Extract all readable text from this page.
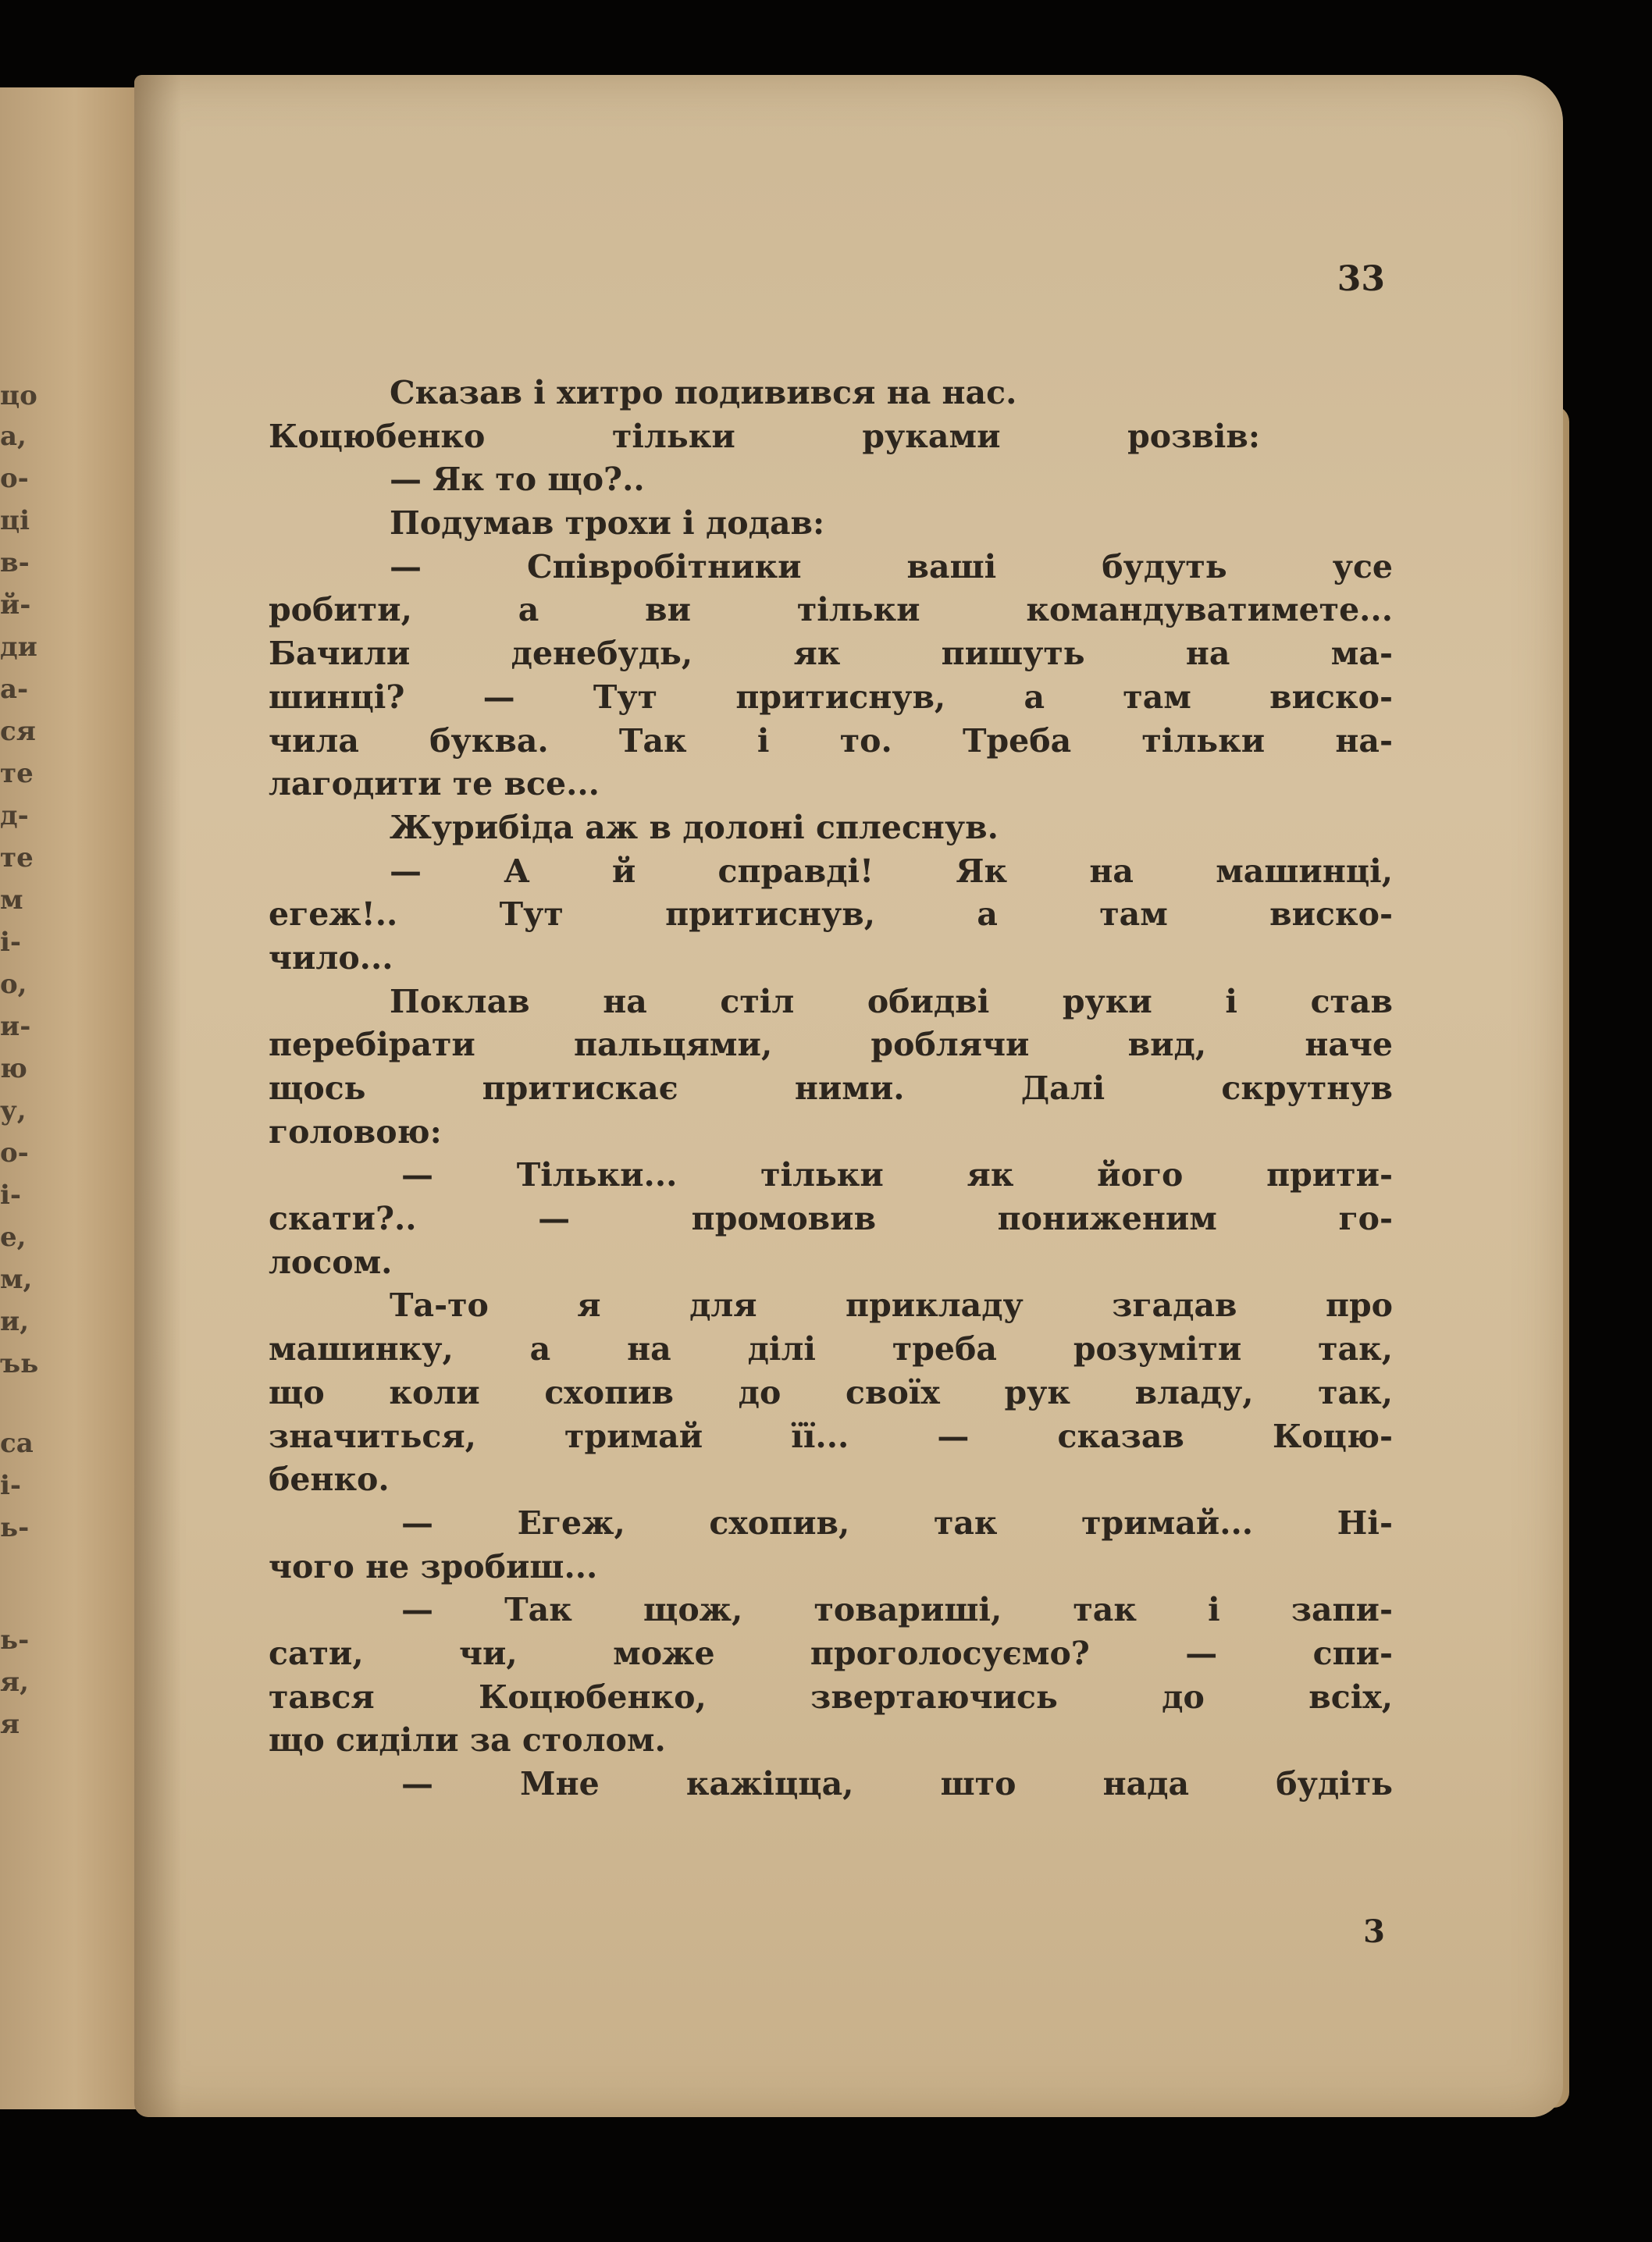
цо
а,
о-
ці
в-
й-
ди
а-
ся
те
д-
те
м
і-
о,
и-
ю
у,
о-
і-
е,
м,
и,
ъь
са
і-
ь-
ь-
я,
я
33
Сказав і хитро подивився на нас.
Коцюбенко тільки руками розвів:
— Як то що?..
Подумав трохи і додав:
— Співробітники ваші будуть усе
робити, а ви тільки командуватимете...
Бачили денебудь, як пишуть на ма-
шинці? — Тут притиснув, а там виско-
чила буква. Так і то. Треба тільки на-
лагодити те все...
Журибіда аж в долоні сплеснув.
— А й справді! Як на машинці,
егеж!.. Тут притиснув, а там виско-
чило...
Поклав на стіл обидві руки і став
перебірати пальцями, роблячи вид, наче
щось притискає ними. Далі скрутнув
головою:
— Тільки... тільки як його прити-
скати?.. — промовив пониженим го-
лосом.
Та-то я для прикладу згадав про
машинку, а на ділі треба розуміти так,
що коли схопив до своїх рук владу, так,
значиться, тримай її... — сказав Коцю-
бенко.
— Егеж, схопив, так тримай... Ні-
чого не зробиш...
— Так щож, товариші, так і запи-
сати, чи, може проголосуємо? — спи-
тався Коцюбенко, звертаючись до всіх,
що сиділи за столом.
— Мне кажіцца, што нада будіть
3
